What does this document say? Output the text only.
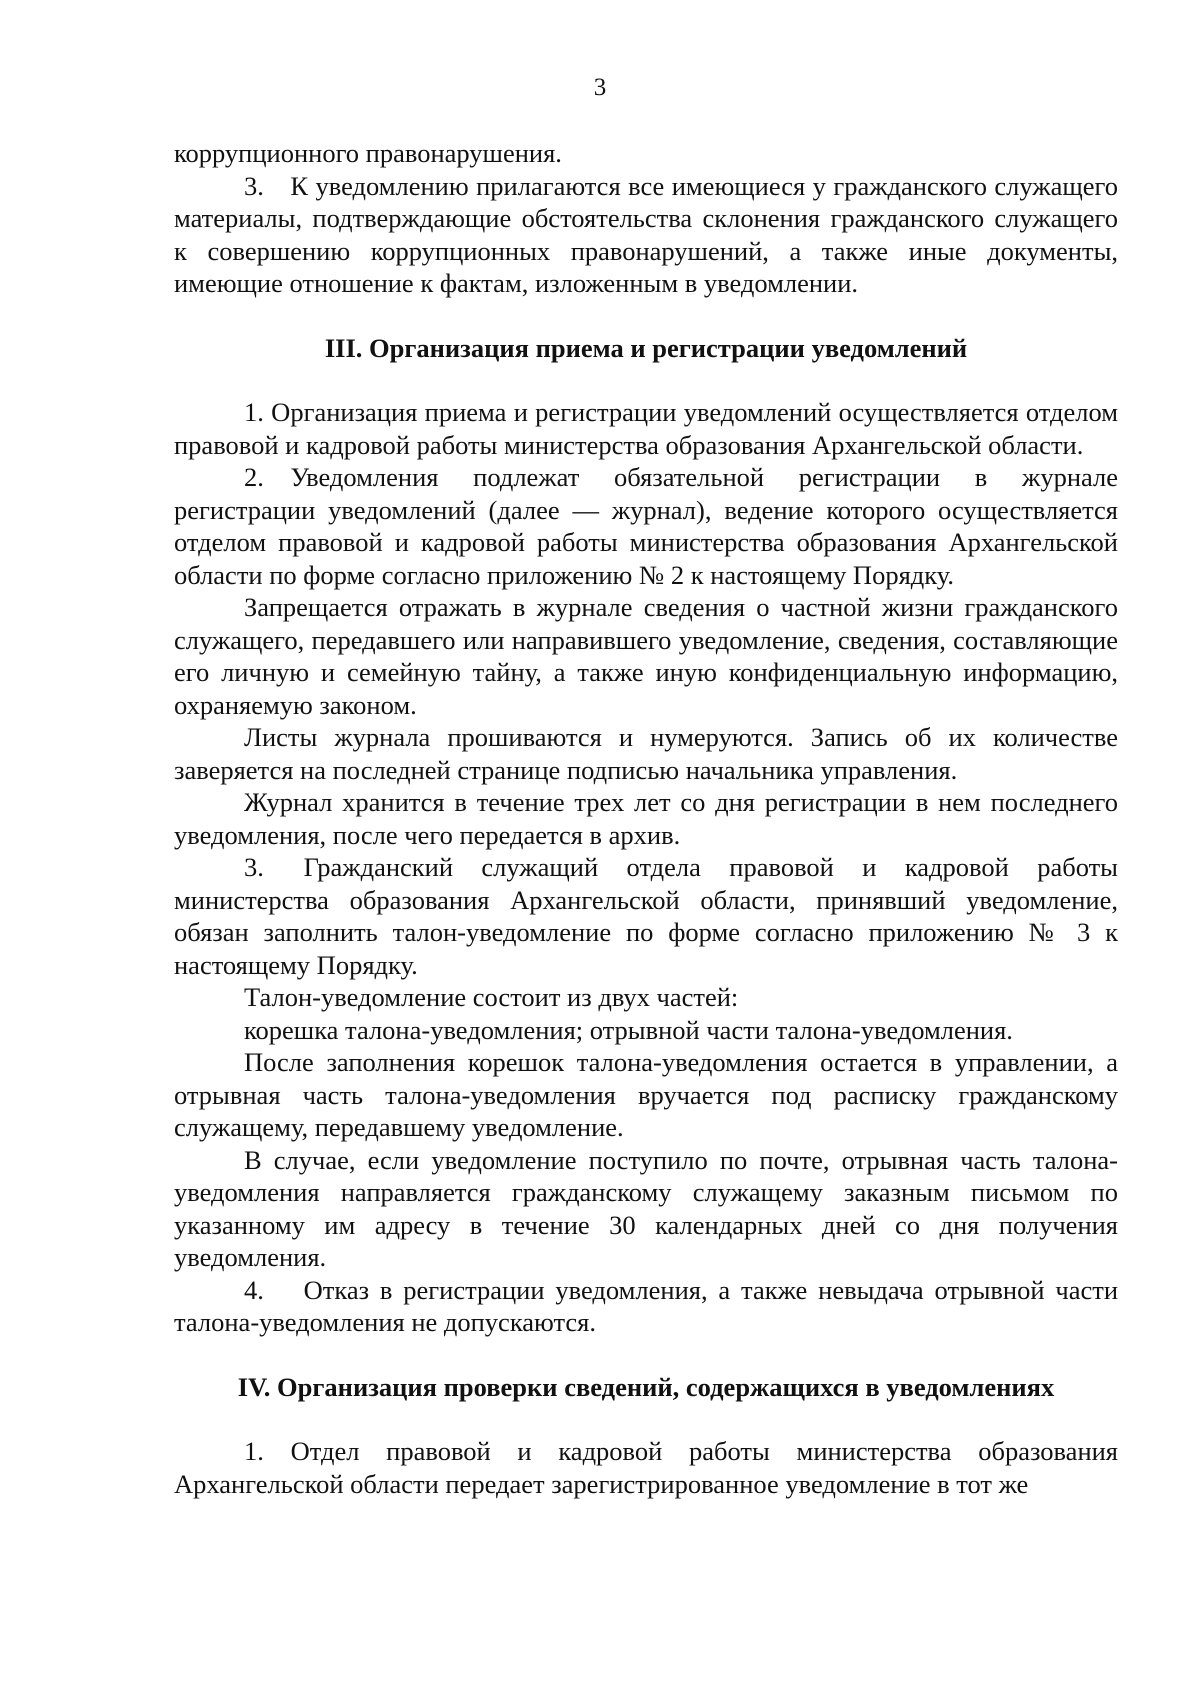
3

коррупционного правонарушения.

3. К уведомлению прилагаются все имеющиеся у гражданского служащего материалы, подтверждающие обстоятельства склонения гражданского служащего к совершению коррупционных правонарушений, а также иные документы, имеющие отношение к фактам, изложенным в уведомлении.

III. Организация приема и регистрации уведомлений

1. Организация приема и регистрации уведомлений осуществляется отделом правовой и кадровой работы министерства образования Архангельской области.

2. Уведомления подлежат обязательной регистрации в журнале регистрации уведомлений (далее — журнал), ведение которого осуществляется отделом правовой и кадровой работы министерства образования Архангельской области по форме согласно приложению № 2 к настоящему Порядку.

Запрещается отражать в журнале сведения о частной жизни гражданского служащего, передавшего или направившего уведомление, сведения, составляющие его личную и семейную тайну, а также иную конфиденциальную информацию, охраняемую законом.

Листы журнала прошиваются и нумеруются. Запись об их количестве заверяется на последней странице подписью начальника управления.

Журнал хранится в течение трех лет со дня регистрации в нем последнего уведомления, после чего передается в архив.

3.  Гражданский служащий отдела правовой и кадровой работы министерства образования Архангельской области, принявший уведомление, обязан заполнить талон-уведомление по форме согласно приложению № 3 к настоящему Порядку.

Талон-уведомление состоит из двух частей:

корешка талона-уведомления; отрывной части талона-уведомления.

После заполнения корешок талона-уведомления остается в управлении, а отрывная часть талона-уведомления вручается под расписку гражданскому служащему, передавшему уведомление.

В случае, если уведомление поступило по почте, отрывная часть талона-уведомления направляется гражданскому служащему заказным письмом по указанному им адресу в течение 30 календарных дней со дня получения уведомления.

4.  Отказ в регистрации уведомления, а также невыдача отрывной части талона-уведомления не допускаются.

IV. Организация проверки сведений, содержащихся в уведомлениях

1. Отдел правовой и кадровой работы министерства образования Архангельской области передает зарегистрированное уведомление в тот же
